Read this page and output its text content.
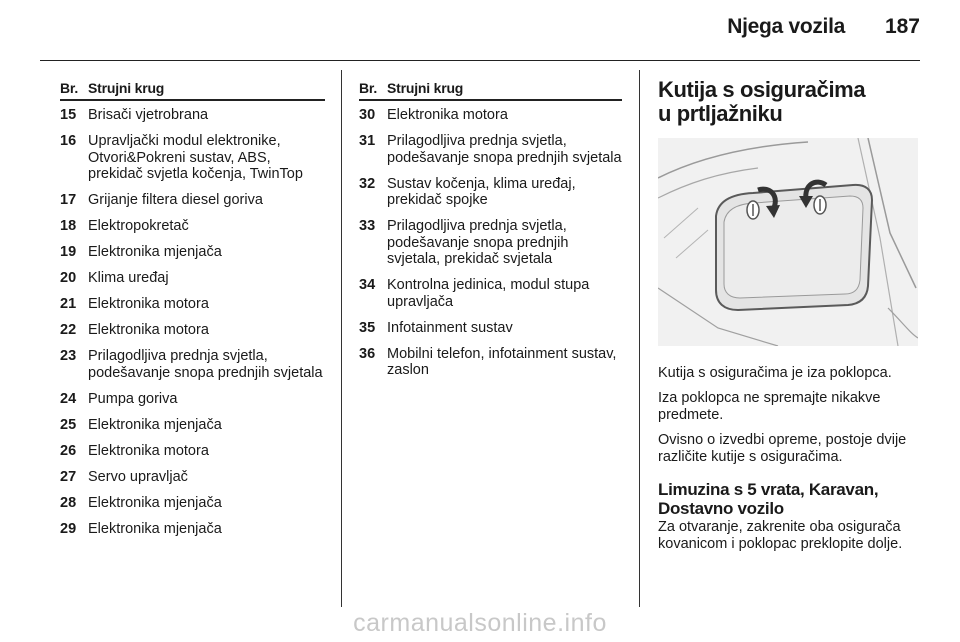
Njega vozila 187
Br. Strujni krug
15 Brisači vjetrobrana
16 Upravljački modul elektronike, Otvori&Pokreni sustav, ABS, prekidač svjetla kočenja, TwinTop
17 Grijanje filtera diesel goriva
18 Elektropokretač
19 Elektronika mjenjača
20 Klima uređaj
21 Elektronika motora
22 Elektronika motora
23 Prilagodljiva prednja svjetla, podešavanje snopa prednjih svjetala
24 Pumpa goriva
25 Elektronika mjenjača
26 Elektronika motora
27 Servo upravljač
28 Elektronika mjenjača
29 Elektronika mjenjača
Br. Strujni krug
30 Elektronika motora
31 Prilagodljiva prednja svjetla, podešavanje snopa prednjih svjetala
32 Sustav kočenja, klima uređaj, prekidač spojke
33 Prilagodljiva prednja svjetla, podešavanje snopa prednjih svjetala, prekidač svjetala
34 Kontrolna jedinica, modul stupa upravljača
35 Infotainment sustav
36 Mobilni telefon, infotainment sustav, zaslon
Kutija s osiguračima
u prtljažniku

Kutija s osiguračima je iza poklopca.

Iza poklopca ne spremajte nikakve predmete.

Ovisno o izvedbi opreme, postoje dvije različite kutije s osiguračima.

Limuzina s 5 vrata, Karavan, Dostavno vozilo

Za otvaranje, zakrenite oba osigurača kovanicom i poklopac preklopite dolje.

carmanualsonline.info
